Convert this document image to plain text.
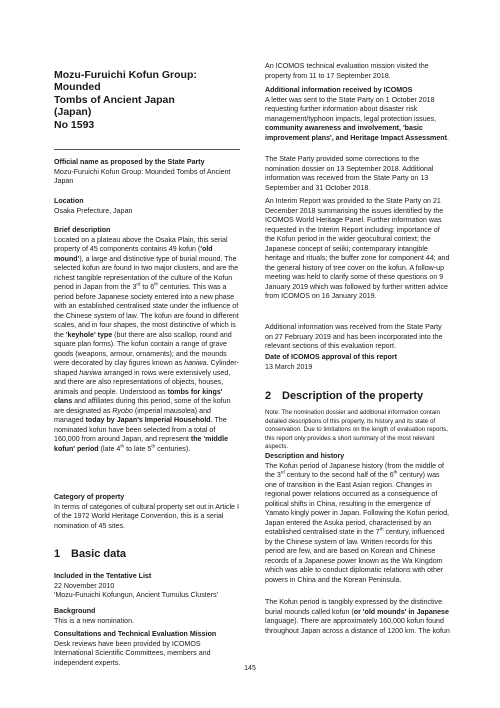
Mozu-Furuichi Kofun Group: Mounded
Tombs of Ancient Japan
(Japan)
No 1593

Official name as proposed by the State Party

Mozu-Furuichi Kofun Group: Mounded Tombs of Ancient Japan

Location

Osaka Prefecture, Japan

Brief description

Located on a plateau above the Osaka Plain, this serial property of 45 components contains 49 kofun ('old mound'), a large and distinctive type of burial mound. The selected kofun are found in two major clusters, and are the richest tangible representation of the culture of the Kofun period in Japan from the 3rd to 6th centuries. This was a period before Japanese society entered into a new phase with an established centralised state under the influence of the Chinese system of law. The kofun are found in different scales, and in four shapes, the most distinctive of which is the 'keyhole' type (but there are also scallop, round and square plan forms). The kofun contain a range of grave goods (weapons, armour, ornaments); and the mounds were decorated by clay figures known as haniwa. Cylinder-shaped haniwa arranged in rows were extensively used, and there are also representations of objects, houses, animals and people. Understood as tombs for kings' clans and affiliates during this period, some of the kofun are designated as Ryobo (imperial mausolea) and managed today by Japan's Imperial Household. The nominated kofun have been selected from a total of 160,000 from around Japan, and represent the 'middle kofun' period (late 4th to late 5th centuries).

Category of property

In terms of categories of cultural property set out in Article I of the 1972 World Heritage Convention, this is a serial nomination of 45 sites.

1 Basic data

Included in the Tentative List

22 November 2010

'Mozu-Furuichi Kofungun, Ancient Tumulus Clusters'

Background

This is a new nomination.

Consultations and Technical Evaluation Mission

Desk reviews have been provided by ICOMOS International Scientific Committees, members and independent experts.

An ICOMOS technical evaluation mission visited the property from 11 to 17 September 2018.

Additional information received by ICOMOS

A letter was sent to the State Party on 1 October 2018 requesting further information about disaster risk management/typhoon impacts, legal protection issues, community awareness and involvement, 'basic improvement plans', and Heritage Impact Assessment.

The State Party provided some corrections to the nomination dossier on 13 September 2018. Additional information was received from the State Party on 13 September and 31 October 2018.
An Interim Report was provided to the State Party on 21 December 2018 summarising the issues identified by the ICOMOS World Heritage Panel. Further information was requested in the Interim Report including: importance of the Kofun period in the wider geocultural context; the Japanese concept of seiiki; contemporary intangible heritage and rituals; the buffer zone for component 44; and the general history of tree cover on the kofun. A follow-up meeting was held to clarify some of these questions on 9 January 2019 which was followed by further written advice from ICOMOS on 16 January 2019.
Additional information was received from the State Party on 27 February 2019 and has been incorporated into the relevant sections of this evaluation report.

Date of ICOMOS approval of this report

13 March 2019

2 Description of the property
Note: The nomination dossier and additional information contain detailed descriptions of this property, its history and its state of conservation. Due to limitations on the length of evaluation reports, this report only provides a short summary of the most relevant aspects.

Description and history

The Kofun period of Japanese history (from the middle of the 3rd century to the second half of the 6th century) was one of transition in the East Asian region. Changes in regional power relations occurred as a consequence of political shifts in China, resulting in the emergence of Yamato kingly power in Japan. Following the Kofun period, Japan entered the Asuka period, characterised by an established centralised state in the 7th century, influenced by the Chinese system of law. Written records for this period are few, and are based on Korean and Chinese records of a Japanese power known as the Wa Kingdom which was able to conduct diplomatic relations with other powers in China and the Korean Peninsula.

The Kofun period is tangibly expressed by the distinctive burial mounds called kofun (or 'old mounds' in Japanese language). There are approximately 160,000 kofun found throughout Japan across a distance of 1200 km. The kofun
145
